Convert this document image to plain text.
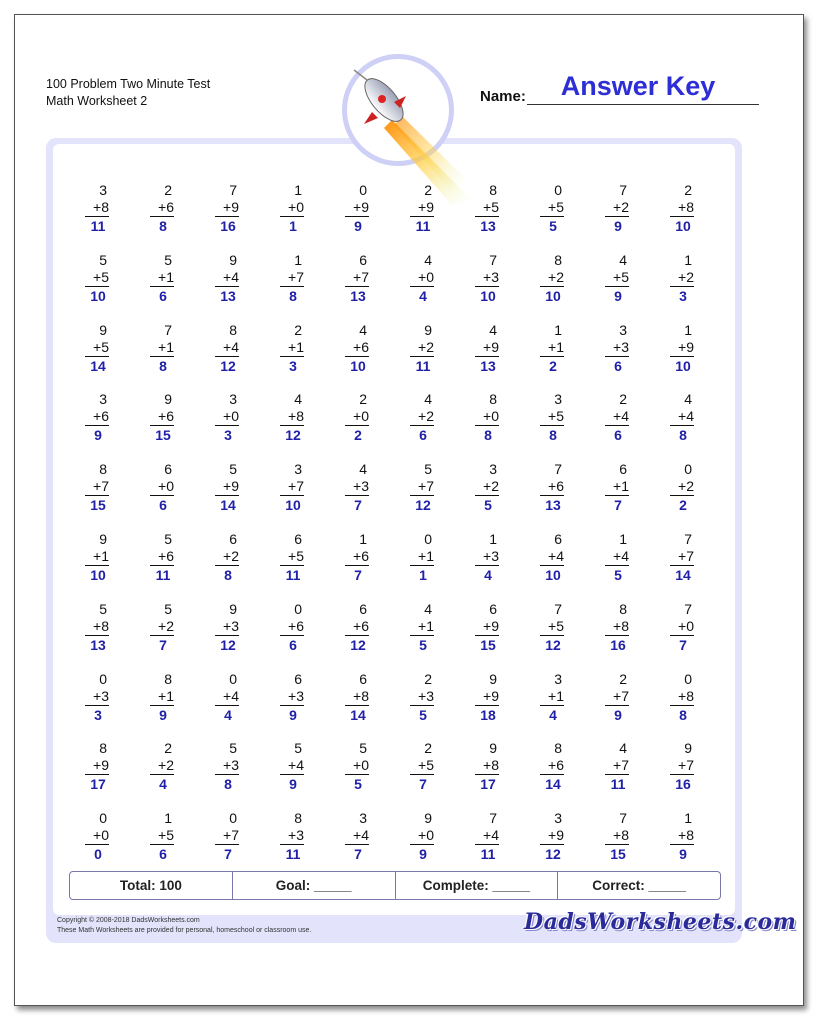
100 Problem Two Minute Test
Math Worksheet 2	Name:	Answer Key
3
+8
11
2
+6
8
7
+9
16
1
+0
1
0
+9
9
2
+9
11
8
+5
13
0
+5
5
7
+2
9
2
+8
10
5
+5
10
5
+1
6
9
+4
13
1
+7
8
6
+7
13
4
+0
4
7
+3
10
8
+2
10
4
+5
9
1
+2
3
9
+5
14
7
+1
8
8
+4
12
2
+1
3
4
+6
10
9
+2
11
4
+9
13
1
+1
2
3
+3
6
1
+9
10
3
+6
9
9
+6
15
3
+0
3
4
+8
12
2
+0
2
4
+2
6
8
+0
8
3
+5
8
2
+4
6
4
+4
8
8
+7
15
6
+0
6
5
+9
14
3
+7
10
4
+3
7
5
+7
12
3
+2
5
7
+6
13
6
+1
7
0
+2
2
9
+1
10
5
+6
11
6
+2
8
6
+5
11
1
+6
7
0
+1
1
1
+3
4
6
+4
10
1
+4
5
7
+7
14
5
+8
13
5
+2
7
9
+3
12
0
+6
6
6
+6
12
4
+1
5
6
+9
15
7
+5
12
8
+8
16
7
+0
7
0
+3
3
8
+1
9
0
+4
4
6
+3
9
6
+8
14
2
+3
5
9
+9
18
3
+1
4
2
+7
9
0
+8
8
8
+9
17
2
+2
4
5
+3
8
5
+4
9
5
+0
5
2
+5
7
9
+8
17
8
+6
14
4
+7
11
9
+7
16
0
+0
0
1
+5
6
0
+7
7
8
+3
11
3
+4
7
9
+0
9
7
+4
11
3
+9
12
7
+8
15
1
+8
9
Total: 100	Goal: _____	Complete: _____	Correct: _____
Copyright © 2008-2018 DadsWorksheets.com
These Math Worksheets are provided for personal, homeschool or classroom use.	DadsWorksheets.com
